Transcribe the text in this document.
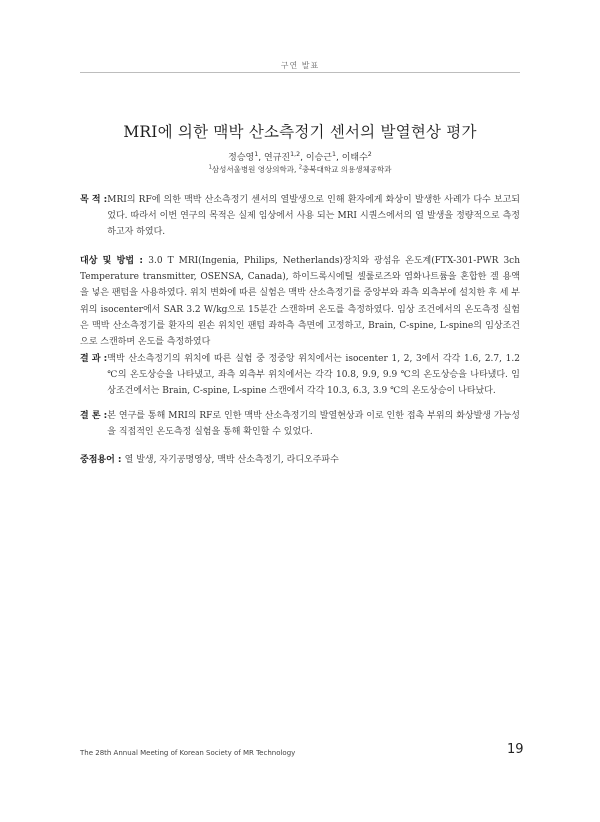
구연 발표
MRI에 의한 맥박 산소측정기 센서의 발열현상 평가
정승영$^1$, 연규진$^{1,2}$, 이승근$^1$, 이태수$^2$
$^1$삼성서울병원 영상의학과, $^2$충북대학교 의용생체공학과
목 적 : MRI의 RF에 의한 맥박 산소측정기 센서의 열발생으로 인해 환자에게 화상이 발생한 사례가 다수 보고되었다. 따라서 이번 연구의 목적은 실제 임상에서 사용 되는 MRI 시퀀스에서의 열 발생을 정량적으로 측정하고자 하였다.
대상 및 방법 : 3.0 T MRI(Ingenia, Philips, Netherlands)장치와 광섬유 온도계(FTX-301-PWR 3ch Temperature transmitter, OSENSA, Canada), 하이드록시에틸 셀룰로즈와 염화나트륨을 혼합한 겔 용액을 넣은 팬텀을 사용하였다. 위치 변화에 따른 실험은 맥박 산소측정기를 중앙부와 좌측 외측부에 설치한 후 세 부위의 isocenter에서 SAR 3.2 W/kg으로 15분간 스캔하며 온도를 측정하였다. 임상 조건에서의 온도측정 실험은 맥박 산소측정기를 환자의 왼손 위치인 팬텀 좌하측 측면에 고정하고, Brain, C-spine, L-spine의 임상조건으로 스캔하며 온도를 측정하였다
결 과 : 맥박 산소측정기의 위치에 따른 실험 중 정중앙 위치에서는 isocenter 1, 2, 3에서 각각 1.6, 2.7, 1.2 ℃의 온도상승을 나타냈고, 좌측 외측부 위치에서는 각각 10.8, 9.9, 9.9 ℃의 온도상승을 나타냈다. 임상조건에서는 Brain, C-spine, L-spine 스캔에서 각각 10.3, 6.3, 3.9 ℃의 온도상승이 나타났다.
결 론 : 본 연구를 통해 MRI의 RF로 인한 맥박 산소측정기의 발열현상과 이로 인한 접촉 부위의 화상발생 가능성을 직접적인 온도측정 실험을 통해 확인할 수 있었다.
중점용어 : 열 발생, 자기공명영상, 맥박 산소측정기, 라디오주파수
The 28th Annual Meeting of Korean Society of MR Technology	19
